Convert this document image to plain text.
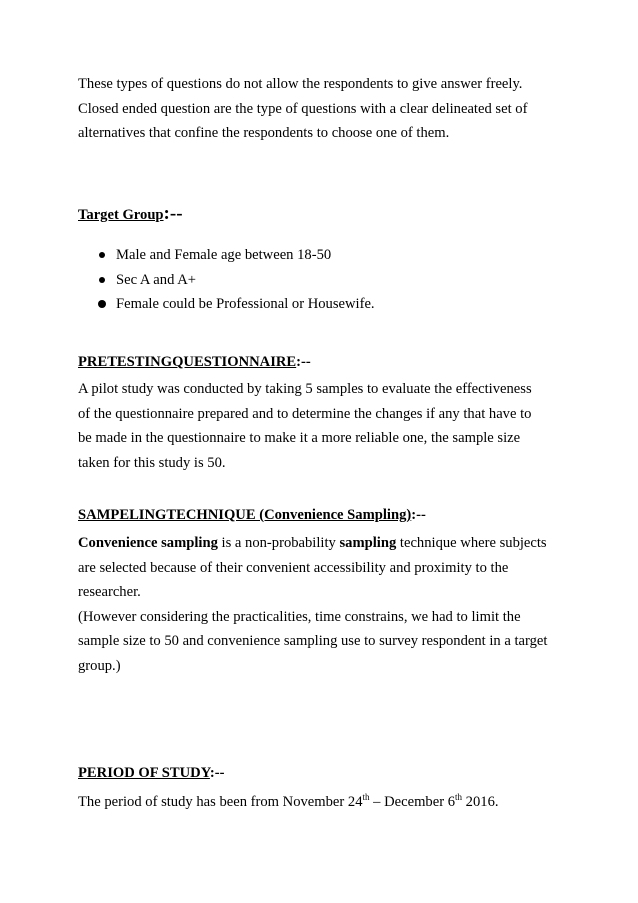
These types of questions do not allow the respondents to give answer freely.
Closed ended question are the type of questions with a clear delineated set of
alternatives that confine the respondents to choose one of them.
Target Group:--
Male and Female age between 18-50
Sec A and A+
Female could be Professional or Housewife.
PRETESTINGQUESTIONNAIRE:--
A pilot study was conducted by taking 5 samples to evaluate the effectiveness
of the questionnaire prepared and to determine the changes if any that have to
be made in the questionnaire to make it a more reliable one, the sample size
taken for this study is 50.
SAMPELINGTECHNIQUE (Convenience Sampling):--
Convenience sampling is a non-probability sampling technique where subjects
are selected because of their convenient accessibility and proximity to the
researcher.
(However considering the practicalities, time constrains, we had to limit the
sample size to 50 and convenience sampling use to survey respondent in a target
group.)
PERIOD OF STUDY:--
The period of study has been from November 24th – December 6th 2016.
